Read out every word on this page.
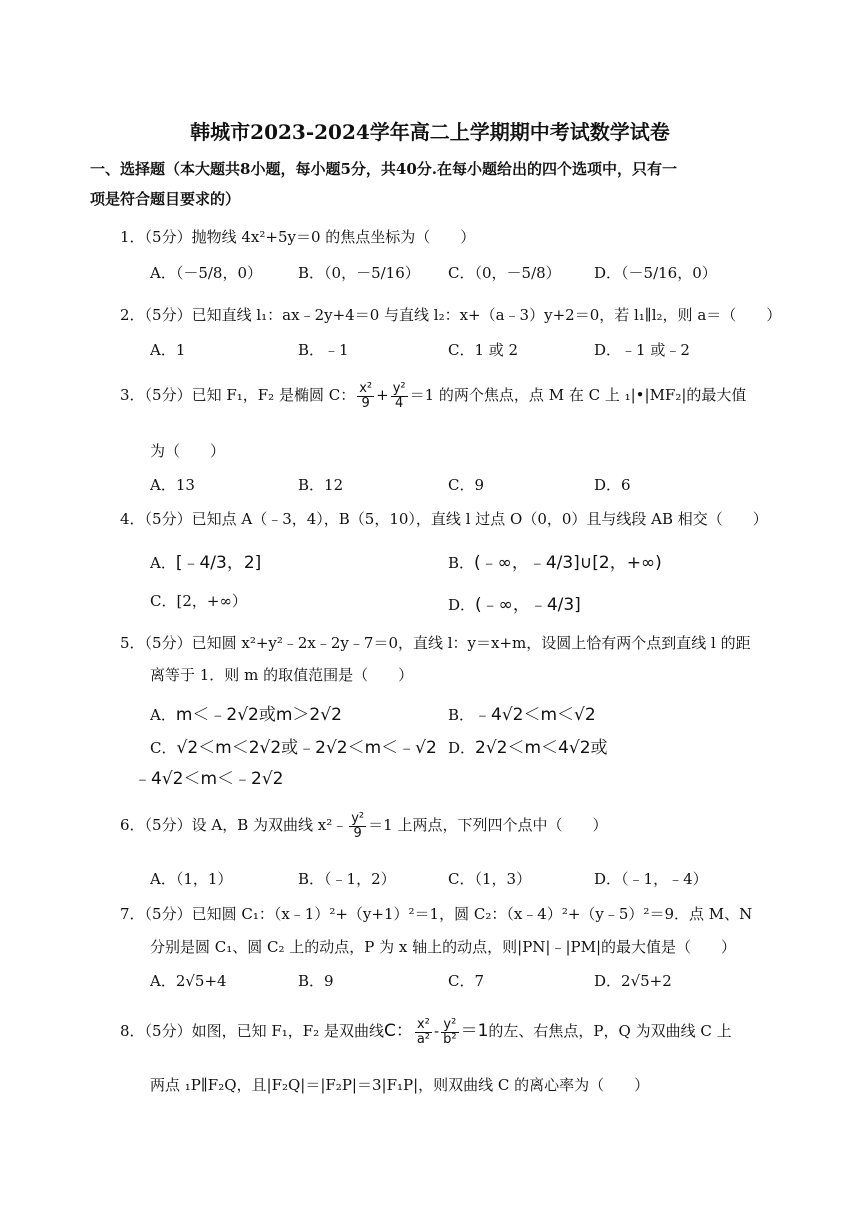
韩城市2023-2024学年高二上学期期中考试数学试卷
一、选择题（本大题共8小题，每小题5分，共40分.在每小题给出的四个选项中，只有一
项是符合题目要求的）
1．（5分）抛物线 4x²+5y＝0 的焦点坐标为（　　）
A．（－5/8，0） B．（0，－5/16） C．（0，－5/8） D．（－5/16，0）
2．（5分）已知直线 l₁：ax﹣2y+4＝0 与直线 l₂：x+（a﹣3）y+2＝0，若 l₁∥l₂，则 a＝（　　）
A．1	B．﹣1	C．1 或 2	D．﹣1 或﹣2
3．（5分）已知 F₁，F₂ 是椭圆 C： $\frac{\text{x²}}{9} + \frac{\text{y²}}{4} =1$ 的两个焦点，点 M 在 C 上 ₁|•|MF₂|的最大值
为（　　）
A．13	B．12	C．9	D．6
4．（5分）已知点 A（﹣3，4），B（5，10），直线 l 过点 O（0，0）且与线段 AB 相交（　　）
A．[﹣4/3，2]	B．(﹣∞，﹣4/3]∪[2，+∞)
C．[2，+∞）	D．(﹣∞，﹣4/3]
5．（5分）已知圆 x²+y²﹣2x﹣2y﹣7＝0，直线 l：y＝x+m，设圆上恰有两个点到直线 l 的距
离等于 1．则 m 的取值范围是（　　）
A．m＜﹣2√2或m＞2√2	B．﹣4√2＜m＜√2
C．√2＜m＜2√2或﹣2√2＜m＜﹣√2 D．2√2＜m＜4√2或
﹣4√2＜m＜﹣2√2
6．（5分）设 A，B 为双曲线 x²﹣ $\frac{\text{y²}}{9} =1$ 上两点，下列四个点中（　　）
A．（1，1）	B．（﹣1，2）	C．（1，3）	D．（﹣1，﹣4）
7．（5分）已知圆 C₁：（x﹣1）²+（y+1）²＝1，圆 C₂：（x﹣4）²+（y﹣5）²＝9．点 M、N
分别是圆 C₁、圆 C₂ 上的动点，P 为 x 轴上的动点，则|PN|﹣|PM|的最大值是（　　）
A．2√5+4	B．9	C．7	D．2√5+2
8．（5分）如图，已知 F₁，F₂ 是双曲线C： $\frac{\text{x²}}{\text{a²}} - \frac{\text{y²}}{\text{b²}} =1$的左、右焦点，P，Q 为双曲线 C 上
两点 ₁P∥F₂Q，且|F₂Q|＝|F₂P|＝3|F₁P|，则双曲线 C 的离心率为（　　）
